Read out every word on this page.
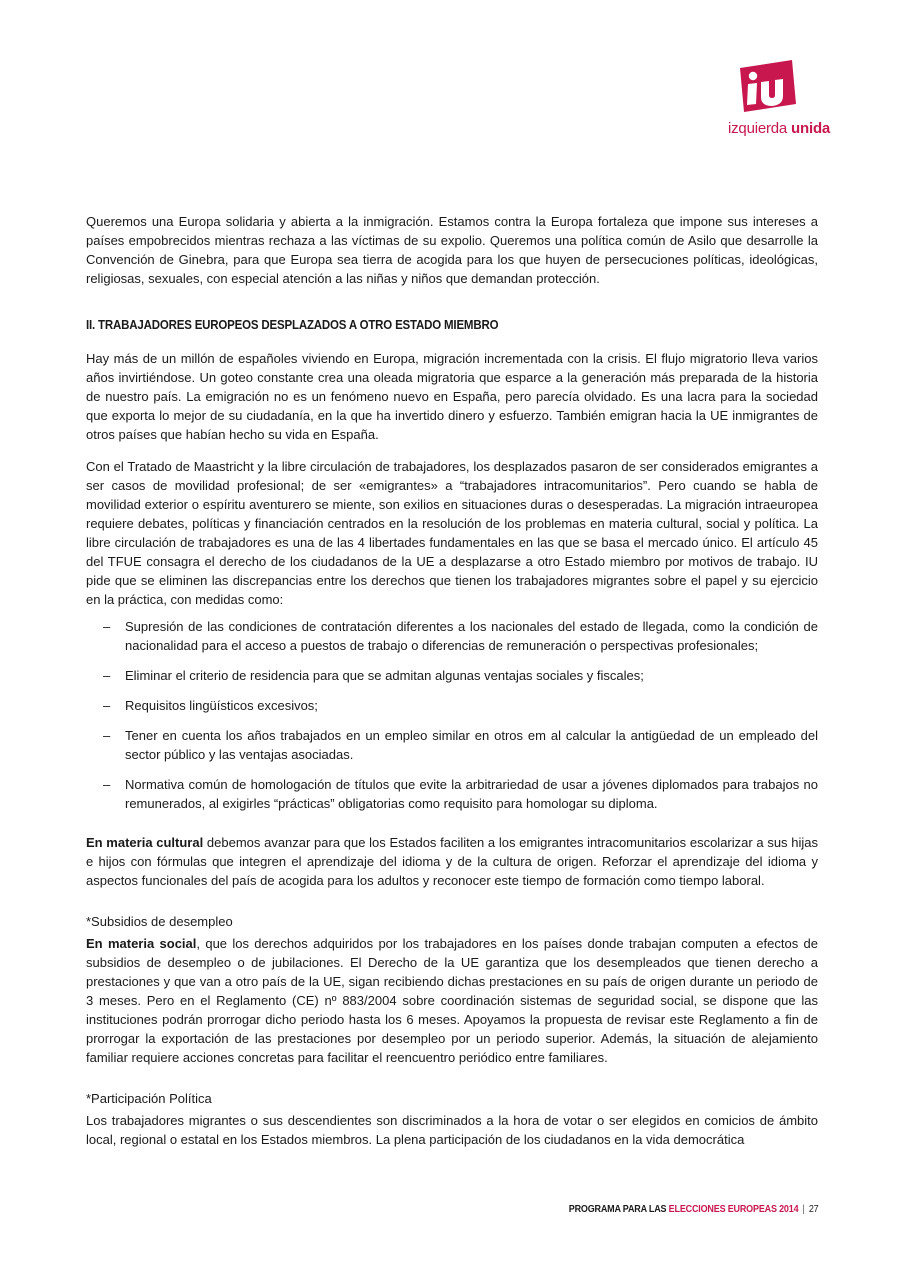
izquierda unida

Queremos una Europa solidaria y abierta a la inmigración. Estamos contra la Europa fortaleza que impone sus intereses a países empobrecidos mientras rechaza a las víctimas de su expolio. Queremos una política común de Asilo que desarrolle la Convención de Ginebra, para que Europa sea tierra de acogida para los que huyen de persecuciones políticas, ideológicas, religiosas, sexuales, con especial atención a las niñas y niños que demandan protección.

II. TRABAJADORES EUROPEOS DESPLAZADOS A OTRO ESTADO MIEMBRO

Hay más de un millón de españoles viviendo en Europa, migración incrementada con la crisis. El flujo migratorio lleva varios años invirtiéndose. Un goteo constante crea una oleada migratoria que esparce a la generación más preparada de la historia de nuestro país. La emigración no es un fenómeno nuevo en España, pero parecía olvidado. Es una lacra para la sociedad que exporta lo mejor de su ciudadanía, en la que ha invertido dinero y esfuerzo. También emigran hacia la UE inmigrantes de otros países que habían hecho su vida en España.

Con el Tratado de Maastricht y la libre circulación de trabajadores, los desplazados pasaron de ser considerados emigrantes a ser casos de movilidad profesional; de ser «emigrantes» a “trabajadores intracomunitarios”. Pero cuando se habla de movilidad exterior o espíritu aventurero se miente, son exilios en situaciones duras o desesperadas. La migración intraeuropea requiere debates, políticas y financiación centrados en la resolución de los problemas en materia cultural, social y política. La libre circulación de trabajadores es una de las 4 libertades fundamentales en las que se basa el mercado único. El artículo 45 del TFUE consagra el derecho de los ciudadanos de la UE a desplazarse a otro Estado miembro por motivos de trabajo. IU pide que se eliminen las discrepancias entre los derechos que tienen los trabajadores migrantes sobre el papel y su ejercicio en la práctica, con medidas como:

– Supresión de las condiciones de contratación diferentes a los nacionales del estado de llegada, como la condición de nacionalidad para el acceso a puestos de trabajo o diferencias de remuneración o perspectivas profesionales;
– Eliminar el criterio de residencia para que se admitan algunas ventajas sociales y fiscales;
– Requisitos lingüísticos excesivos;
– Tener en cuenta los años trabajados en un empleo similar en otros em al calcular la antigüedad de un empleado del sector público y las ventajas asociadas.
– Normativa común de homologación de títulos que evite la arbitrariedad de usar a jóvenes diplomados para trabajos no remunerados, al exigirles “prácticas” obligatorias como requisito para homologar su diploma.

En materia cultural debemos avanzar para que los Estados faciliten a los emigrantes intracomunitarios escolarizar a sus hijas e hijos con fórmulas que integren el aprendizaje del idioma y de la cultura de origen. Reforzar el aprendizaje del idioma y aspectos funcionales del país de acogida para los adultos y reconocer este tiempo de formación como tiempo laboral.

*Subsidios de desempleo

En materia social, que los derechos adquiridos por los trabajadores en los países donde trabajan computen a efectos de subsidios de desempleo o de jubilaciones. El Derecho de la UE garantiza que los desempleados que tienen derecho a prestaciones y que van a otro país de la UE, sigan recibiendo dichas prestaciones en su país de origen durante un periodo de 3 meses. Pero en el Reglamento (CE) nº 883/2004 sobre coordinación sistemas de seguridad social, se dispone que las instituciones podrán prorrogar dicho periodo hasta los 6 meses. Apoyamos la propuesta de revisar este Reglamento a fin de prorrogar la exportación de las prestaciones por desempleo por un periodo superior. Además, la situación de alejamiento familiar requiere acciones concretas para facilitar el reencuentro periódico entre familiares.

*Participación Política

Los trabajadores migrantes o sus descendientes son discriminados a la hora de votar o ser elegidos en comicios de ámbito local, regional o estatal en los Estados miembros. La plena participación de los ciudadanos en la vida democrática

PROGRAMA PARA LAS ELECCIONES EUROPEAS 2014 | 27
